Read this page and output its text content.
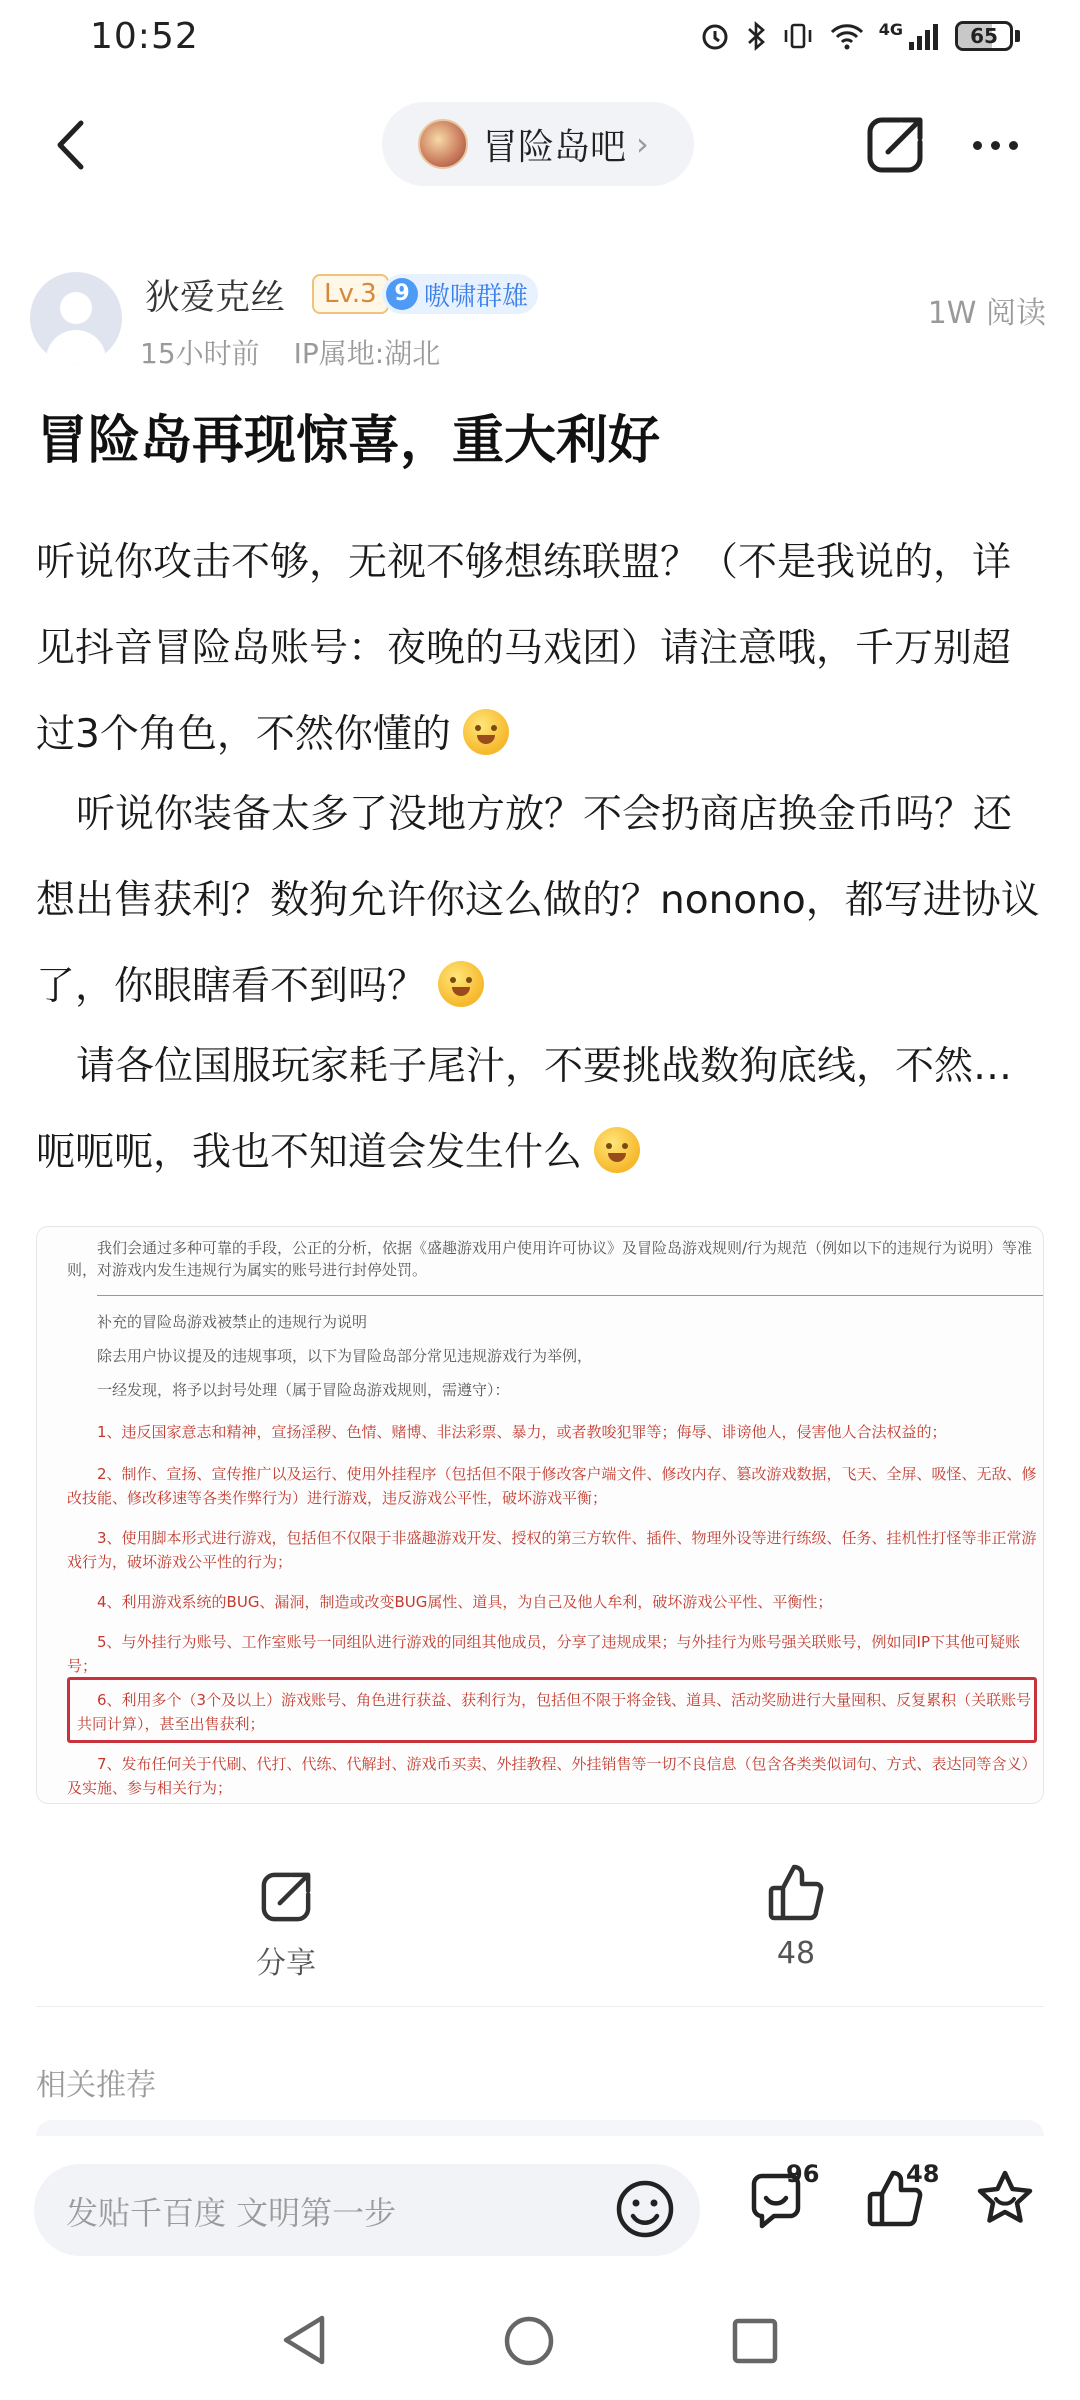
10:52	4G	65
冒险岛吧 ›
狄爱克丝	Lv.3 9 嗷啸群雄
15小时前 IP属地:湖北
1W 阅读
冒险岛再现惊喜，重大利好
听说你攻击不够，无视不够想练联盟？（不是我说的，详见抖音冒险岛账号：夜晚的马戏团）请注意哦，千万别超过3个角色，不然你懂的
听说你装备太多了没地方放？不会扔商店换金币吗？还想出售获利？数狗允许你这么做的？nonono，都写进协议了，你眼瞎看不到吗？
请各位国服玩家耗子尾汁，不要挑战数狗底线，不然…呃呃呃，我也不知道会发生什么
我们会通过多种可靠的手段，公正的分析，依据《盛趣游戏用户使用许可协议》及冒险岛游戏规则/行为规范（例如以下的违规行为说明）等准
则，对游戏内发生违规行为属实的账号进行封停处罚。
补充的冒险岛游戏被禁止的违规行为说明
除去用户协议提及的违规事项，以下为冒险岛部分常见违规游戏行为举例，
一经发现，将予以封号处理（属于冒险岛游戏规则，需遵守）：
1、违反国家意志和精神，宣扬淫秽、色情、赌博、非法彩票、暴力，或者教唆犯罪等；侮辱、诽谤他人，侵害他人合法权益的；
2、制作、宣扬、宣传推广以及运行、使用外挂程序（包括但不限于修改客户端文件、修改内存、篡改游戏数据，飞天、全屏、吸怪、无敌、修
改技能、修改移速等各类作弊行为）进行游戏，违反游戏公平性，破坏游戏平衡；
3、使用脚本形式进行游戏，包括但不仅限于非盛趣游戏开发、授权的第三方软件、插件、物理外设等进行练级、任务、挂机性打怪等非正常游
戏行为，破坏游戏公平性的行为；
4、利用游戏系统的BUG、漏洞，制造或改变BUG属性、道具，为自己及他人牟利，破坏游戏公平性、平衡性；
5、与外挂行为账号、工作室账号一同组队进行游戏的同组其他成员，分享了违规成果；与外挂行为账号强关联账号，例如同IP下其他可疑账
号；
6、利用多个（3个及以上）游戏账号、角色进行获益、获利行为，包括但不限于将金钱、道具、活动奖励进行大量囤积、反复累积（关联账号
共同计算），甚至出售获利；
7、发布任何关于代刷、代打、代练、代解封、游戏币买卖、外挂教程、外挂销售等一切不良信息（包含各类类似词句、方式、表达同等含义）
及实施、参与相关行为；
分享	48
相关推荐
发贴千百度 文明第一步
96	48
